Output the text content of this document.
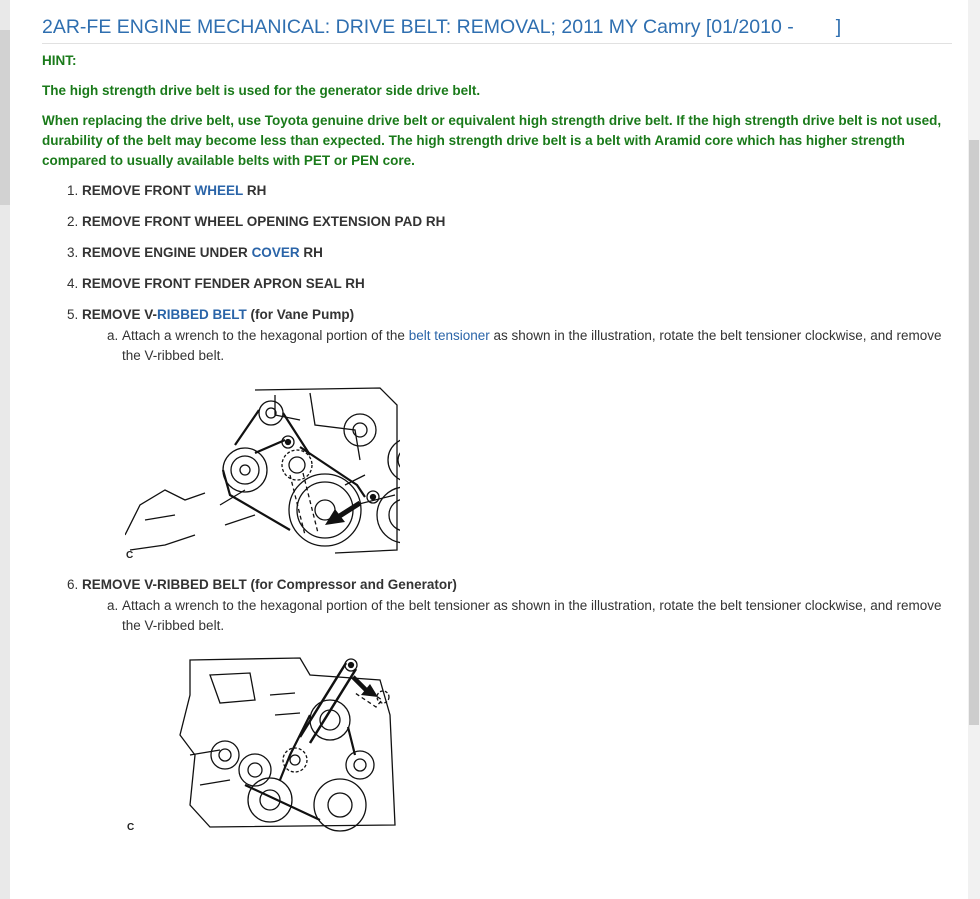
2AR-FE ENGINE MECHANICAL: DRIVE BELT: REMOVAL; 2011 MY Camry [01/2010 - ]
HINT:
The high strength drive belt is used for the generator side drive belt.
When replacing the drive belt, use Toyota genuine drive belt or equivalent high strength drive belt. If the high strength drive belt is not used, durability of the belt may become less than expected. The high strength drive belt is a belt with Aramid core which has higher strength compared to usually available belts with PET or PEN core.
1. REMOVE FRONT WHEEL RH
2. REMOVE FRONT WHEEL OPENING EXTENSION PAD RH
3. REMOVE ENGINE UNDER COVER RH
4. REMOVE FRONT FENDER APRON SEAL RH
5. REMOVE V-RIBBED BELT (for Vane Pump)
a. Attach a wrench to the hexagonal portion of the belt tensioner as shown in the illustration, rotate the belt tensioner clockwise, and remove the V-ribbed belt.
C
6. REMOVE V-RIBBED BELT (for Compressor and Generator)
a. Attach a wrench to the hexagonal portion of the belt tensioner as shown in the illustration, rotate the belt tensioner clockwise, and remove the V-ribbed belt.
C
